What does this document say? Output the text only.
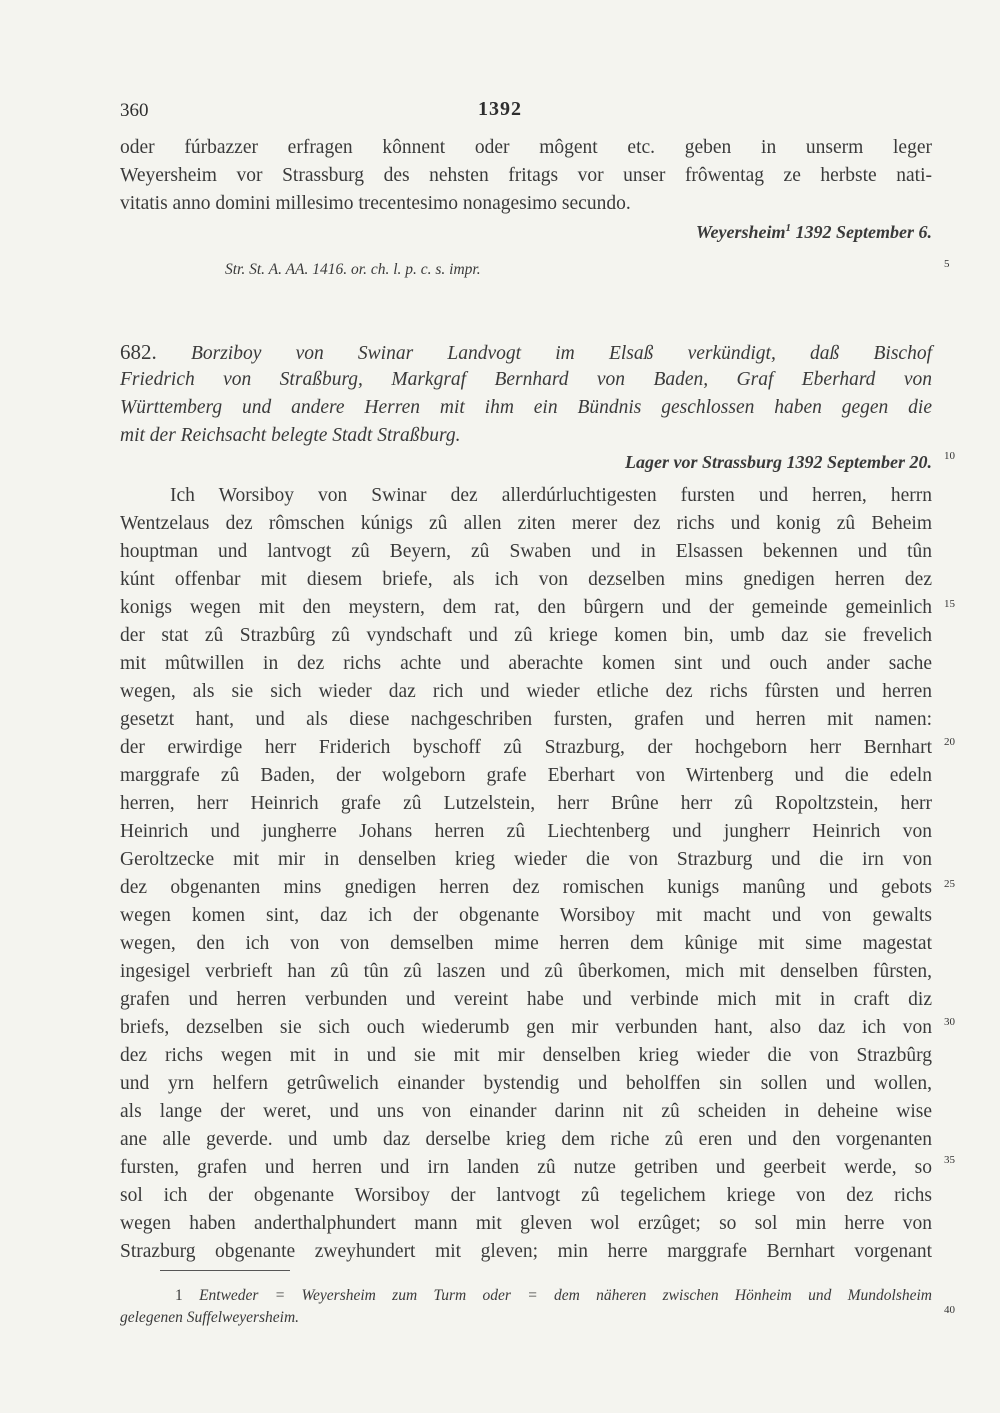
360	1392
oder fúrbazzer erfragen kônnent oder môgent etc. geben in unserm leger
Weyersheim vor Strassburg des nehsten fritags vor unser frôwentag ze herbste nati-
vitatis anno domini millesimo trecentesimo nonagesimo secundo.
Weyersheim$^1$ 1392 September 6.
Str. St. A. AA. 1416. or. ch. l. p. c. s. impr.	5
682. Borziboy von Swinar Landvogt im Elsaß verkündigt, daß Bischof
Friedrich von Straßburg, Markgraf Bernhard von Baden, Graf Eberhard von
Württemberg und andere Herren mit ihm ein Bündnis geschlossen haben gegen die
mit der Reichsacht belegte Stadt Straßburg.
Lager vor Strassburg 1392 September 20. 10
Ich Worsiboy von Swinar dez allerdúrluchtigesten fursten und herren, herrn
Wentzelaus dez rômschen kúnigs zû allen ziten merer dez richs und konig zû Beheim
houptman und lantvogt zû Beyern, zû Swaben und in Elsassen bekennen und tûn
kúnt offenbar mit diesem briefe, als ich von dezselben mins gnedigen herren dez
konigs wegen mit den meystern, dem rat, den bûrgern und der gemeinde gemeinlich 15
der stat zû Strazbûrg zû vyndschaft und zû kriege komen bin, umb daz sie frevelich
mit mûtwillen in dez richs achte und aberachte komen sint und ouch ander sache
wegen, als sie sich wieder daz rich und wieder etliche dez richs fûrsten und herren
gesetzt hant, und als diese nachgeschriben fursten, grafen und herren mit namen:
der erwirdige herr Friderich byschoff zû Strazburg, der hochgeborn herr Bernhart 20
marggrafe zû Baden, der wolgeborn grafe Eberhart von Wirtenberg und die edeln
herren, herr Heinrich grafe zû Lutzelstein, herr Brûne herr zû Ropoltzstein, herr
Heinrich und jungherre Johans herren zû Liechtenberg und jungherr Heinrich von
Geroltzecke mit mir in denselben krieg wieder die von Strazburg und die irn von
dez obgenanten mins gnedigen herren dez romischen kunigs manûng und gebots 25
wegen komen sint, daz ich der obgenante Worsiboy mit macht und von gewalts
wegen, den ich von von demselben mime herren dem kûnige mit sime magestat
ingesigel verbrieft han zû tûn zû laszen und zû ûberkomen, mich mit denselben fûrsten,
grafen und herren verbunden und vereint habe und verbinde mich mit in craft diz
briefs, dezselben sie sich ouch wiederumb gen mir verbunden hant, also daz ich von 30
dez richs wegen mit in und sie mit mir denselben krieg wieder die von Strazbûrg
und yrn helfern getrûwelich einander bystendig und beholffen sin sollen und wollen,
als lange der weret, und uns von einander darinn nit zû scheiden in deheine wise
ane alle geverde. und umb daz derselbe krieg dem riche zû eren und den vorgenanten
fursten, grafen und herren und irn landen zû nutze getriben und geerbeit werde, so 35
sol ich der obgenante Worsiboy der lantvogt zû tegelichem kriege von dez richs
wegen haben anderthalphundert mann mit gleven wol erzûget; so sol min herre von
Strazburg obgenante zweyhundert mit gleven; min herre marggrafe Bernhart vorgenant
1 Entweder = Weyersheim zum Turm oder = dem näheren zwischen Hönheim und Mundolsheim
gelegenen Suffelweyersheim.	40
